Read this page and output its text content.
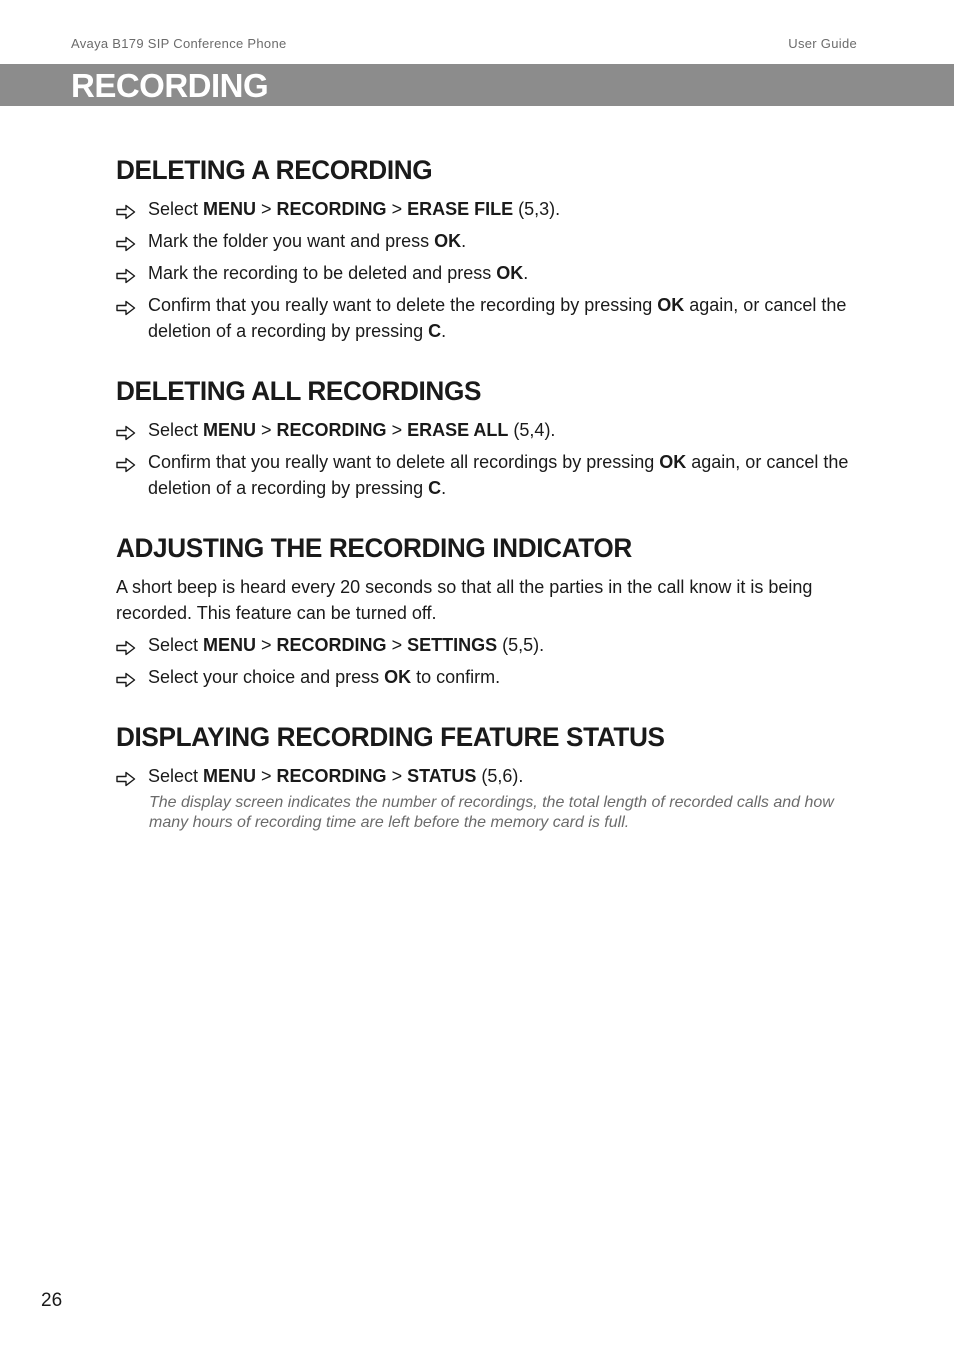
Avaya B179 SIP Conference Phone	User Guide
RECORDING
DELETING A RECORDING
Select MENU > RECORDING > ERASE FILE (5,3).
Mark the folder you want and press OK.
Mark the recording to be deleted and press OK.
Confirm that you really want to delete the recording by pressing OK again, or cancel the deletion of a recording by pressing C.
DELETING ALL RECORDINGS
Select MENU > RECORDING > ERASE ALL (5,4).
Confirm that you really want to delete all recordings by pressing OK again, or cancel the deletion of a recording by pressing C.
ADJUSTING THE RECORDING INDICATOR
A short beep is heard every 20 seconds so that all the parties in the call know it is being recorded. This feature can be turned off.
Select MENU > RECORDING > SETTINGS (5,5).
Select your choice and press OK to confirm.
DISPLAYING RECORDING FEATURE STATUS
Select MENU > RECORDING > STATUS (5,6).
The display screen indicates the number of recordings, the total length of recorded calls and how many hours of recording time are left before the memory card is full.
26
